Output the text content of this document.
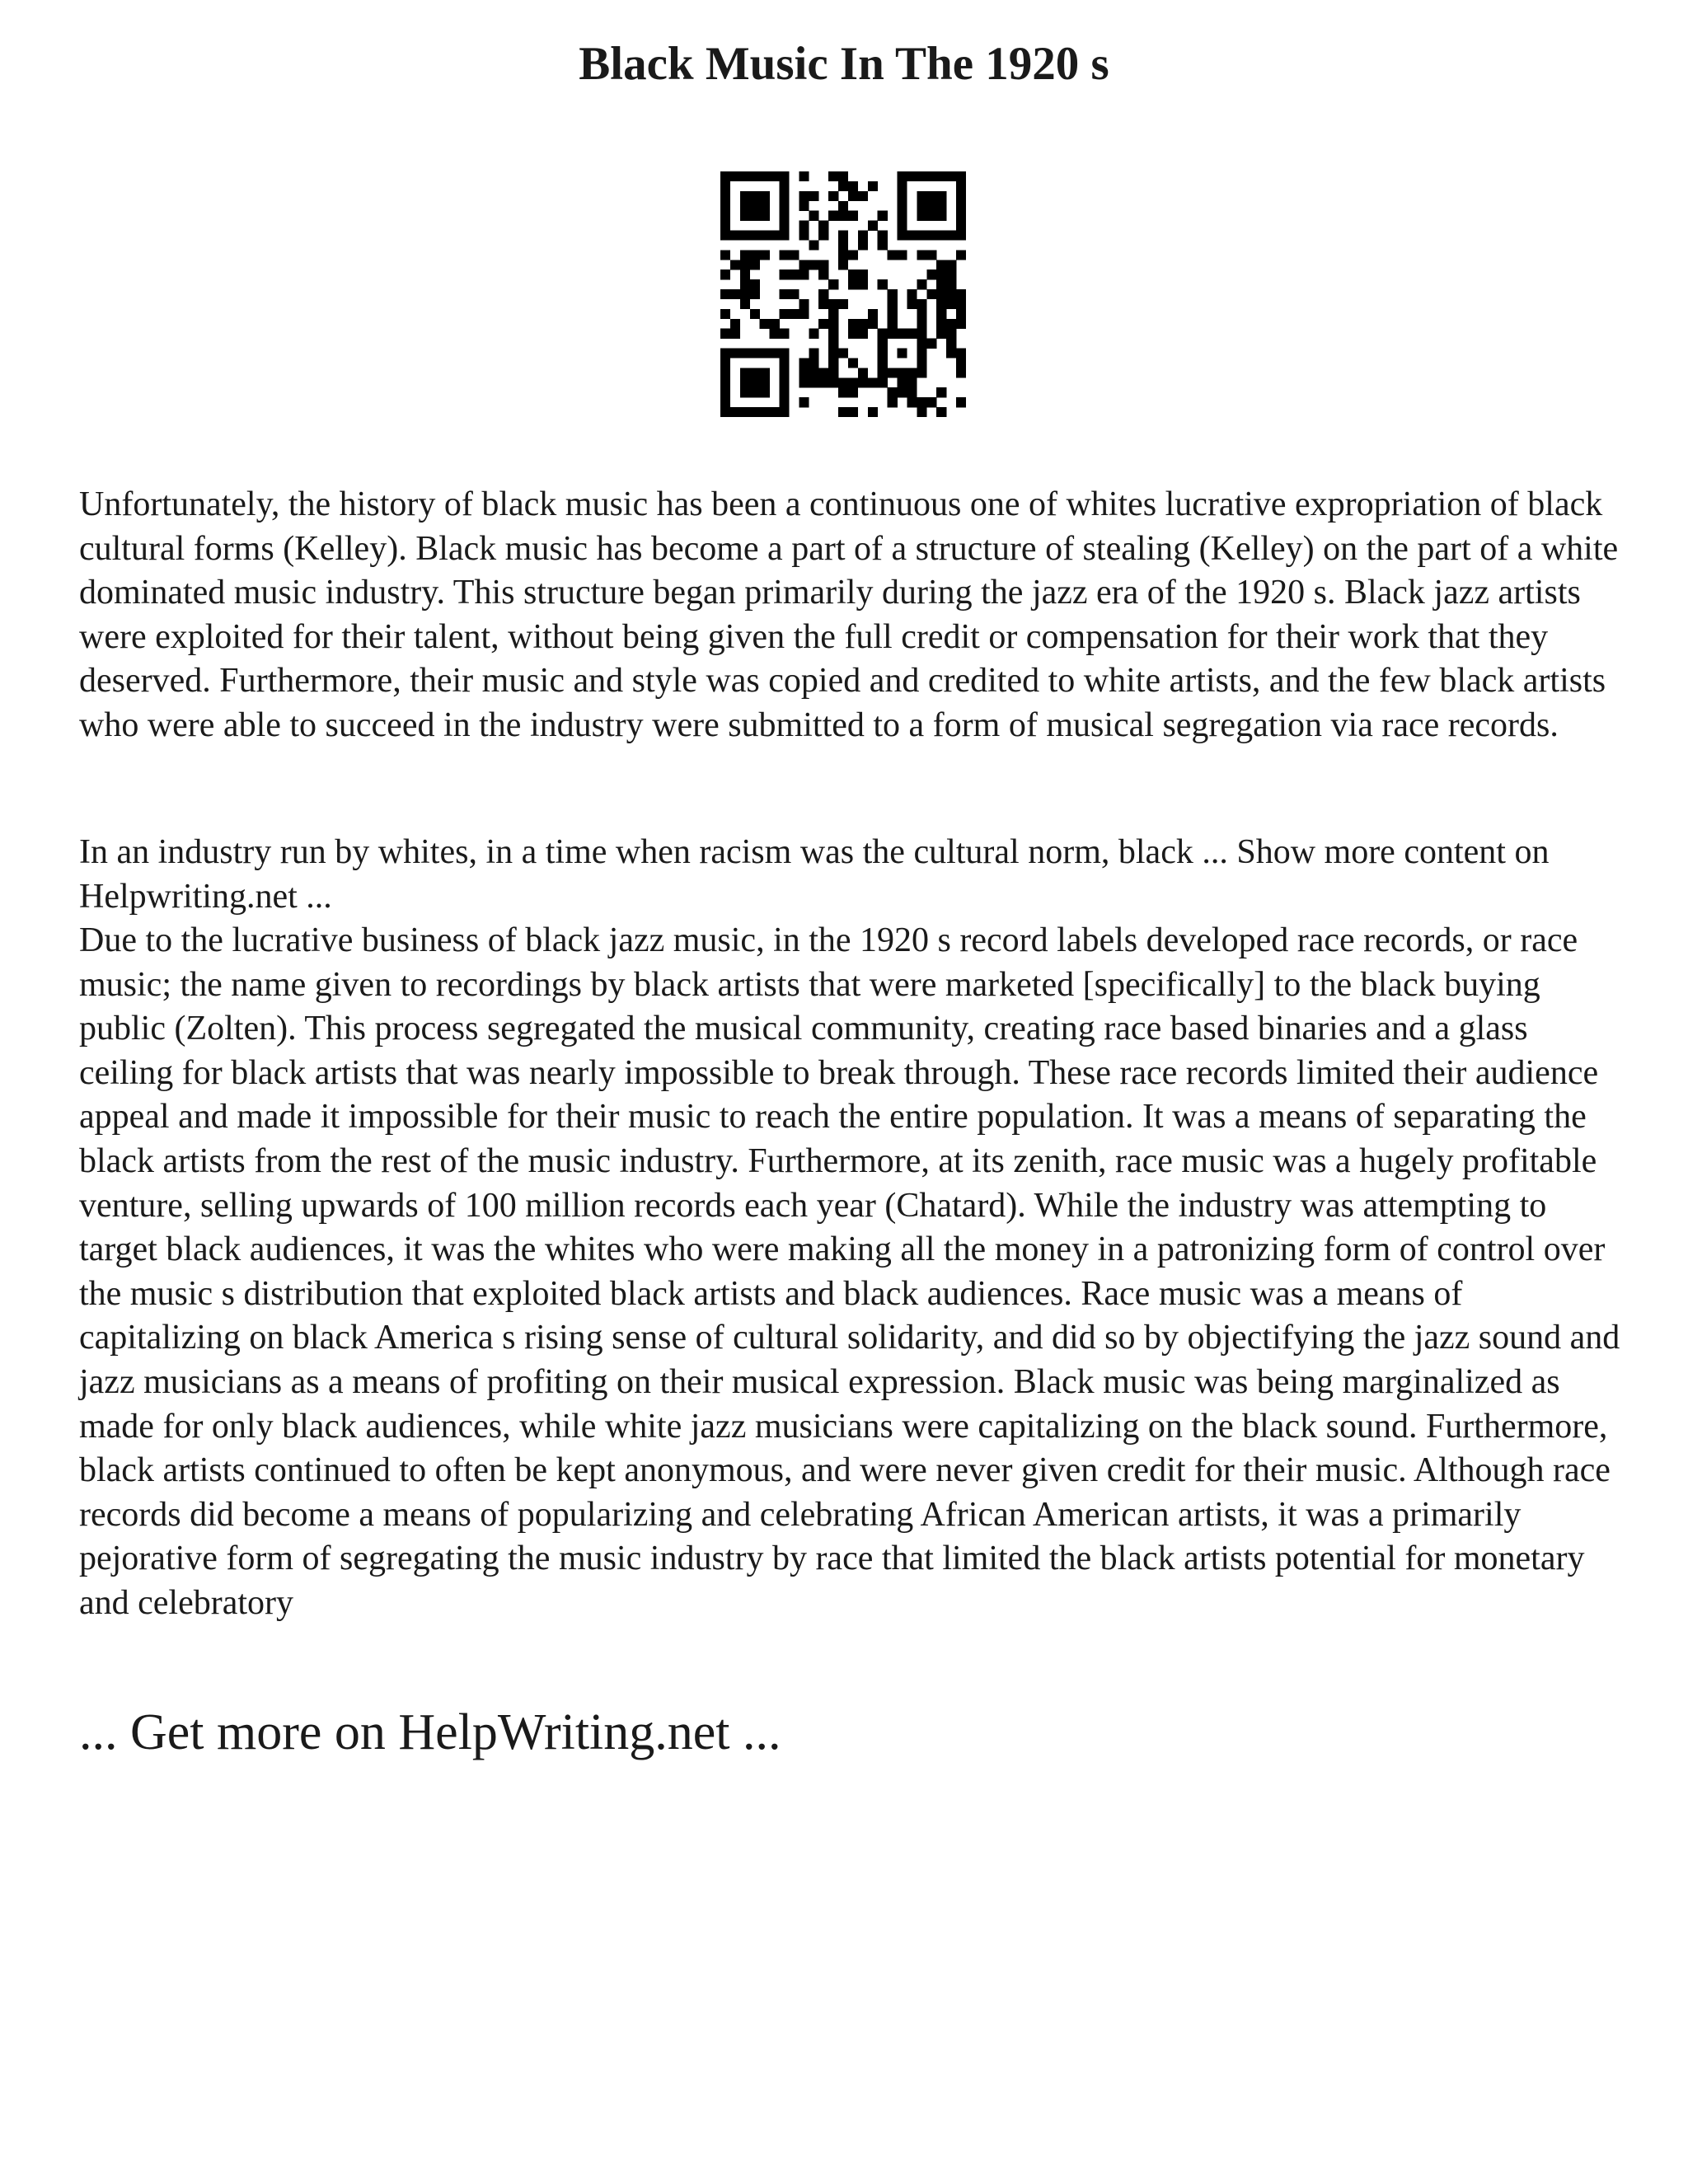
Black Music In The 1920 s

Unfortunately, the history of black music has been a continuous one of whites lucrative expropriation of black cultural forms (Kelley). Black music has become a part of a structure of stealing (Kelley) on the part of a white dominated music industry. This structure began primarily during the jazz era of the 1920 s. Black jazz artists were exploited for their talent, without being given the full credit or compensation for their work that they deserved. Furthermore, their music and style was copied and credited to white artists, and the few black artists who were able to succeed in the industry were submitted to a form of musical segregation via race records.

In an industry run by whites, in a time when racism was the cultural norm, black ... Show more content on Helpwriting.net ...

Due to the lucrative business of black jazz music, in the 1920 s record labels developed race records, or race music; the name given to recordings by black artists that were marketed [specifically] to the black buying public (Zolten). This process segregated the musical community, creating race based binaries and a glass ceiling for black artists that was nearly impossible to break through. These race records limited their audience appeal and made it impossible for their music to reach the entire population. It was a means of separating the black artists from the rest of the music industry. Furthermore, at its zenith, race music was a hugely profitable venture, selling upwards of 100 million records each year (Chatard). While the industry was attempting to target black audiences, it was the whites who were making all the money in a patronizing form of control over the music s distribution that exploited black artists and black audiences. Race music was a means of capitalizing on black America s rising sense of cultural solidarity, and did so by objectifying the jazz sound and jazz musicians as a means of profiting on their musical expression. Black music was being marginalized as made for only black audiences, while white jazz musicians were capitalizing on the black sound. Furthermore, black artists continued to often be kept anonymous, and were never given credit for their music. Although race records did become a means of popularizing and celebrating African American artists, it was a primarily pejorative form of segregating the music industry by race that limited the black artists potential for monetary and celebratory

... Get more on HelpWriting.net ...
